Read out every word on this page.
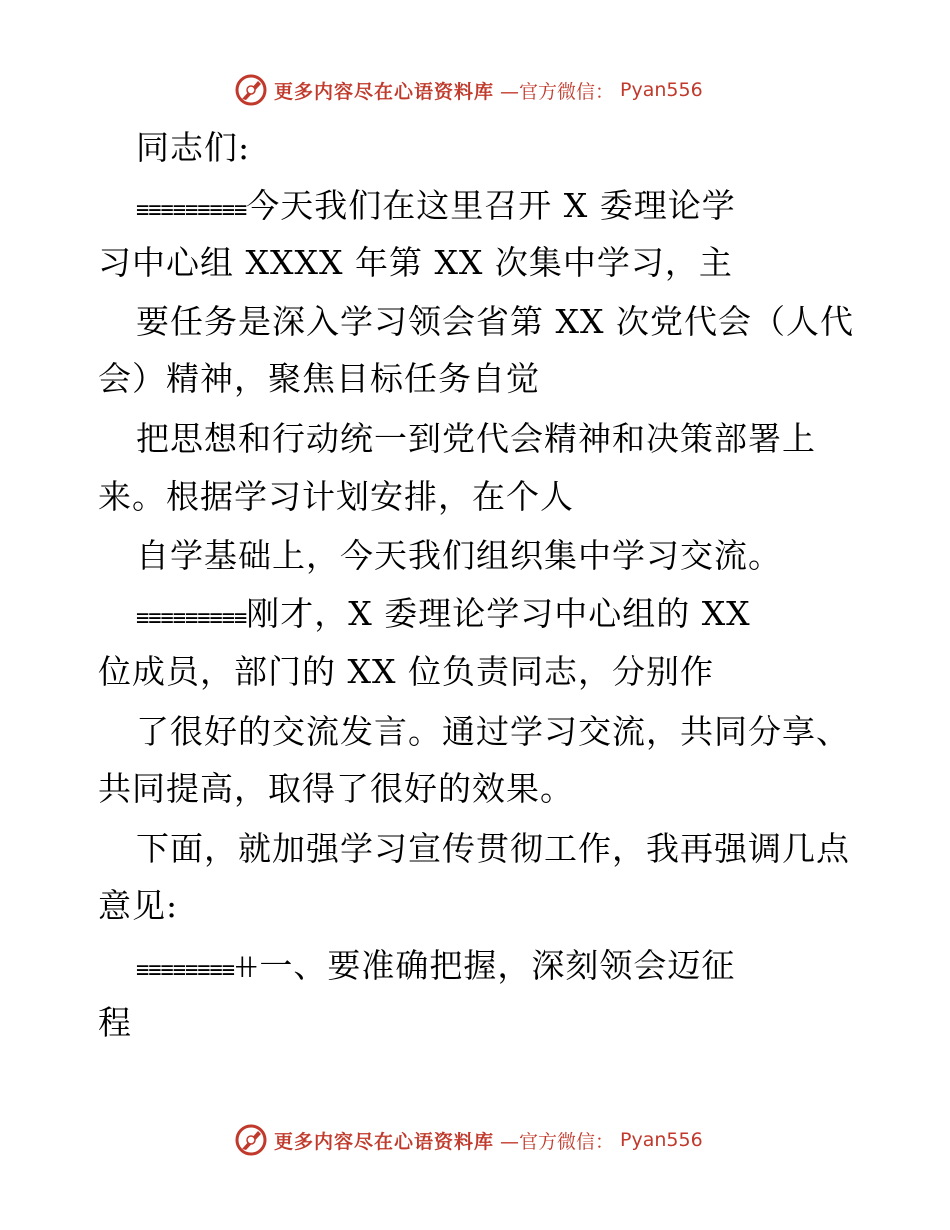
更多内容尽在心语资料库 —官方微信： Pyan556
同志们:
≡≡≡≡≡≡≡≡≡今天我们在这里召开 X 委理论学
习中心组 XXXX 年第 XX 次集中学习，主
要任务是深入学习领会省第 XX 次党代会（人代
会）精神，聚焦目标任务自觉
把思想和行动统一到党代会精神和决策部署上
来。根据学习计划安排，在个人
自学基础上，今天我们组织集中学习交流。
≡≡≡≡≡≡≡≡≡刚才，X 委理论学习中心组的 XX
位成员，部门的 XX 位负责同志，分别作
了很好的交流发言。通过学习交流，共同分享、
共同提高，取得了很好的效果。
下面，就加强学习宣传贯彻工作，我再强调几点
意见:
≡≡≡≡≡≡≡≡ꔠ一、要准确把握，深刻领会迈征
程
更多内容尽在心语资料库 —官方微信： Pyan556
